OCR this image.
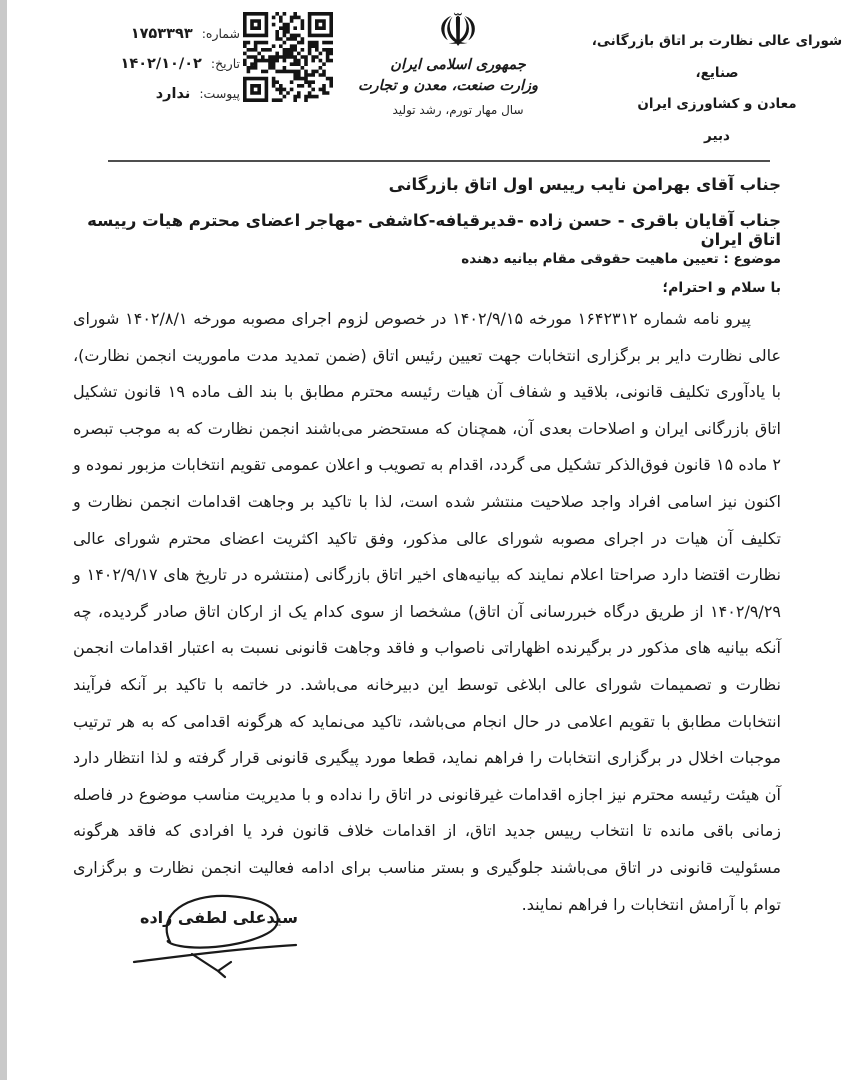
شورای عالی نظارت بر اتاق بازرگانی، صنایع،
معادن و کشاورزی ایران
دبیر
☫
جمهوری اسلامی ایران
وزارت صنعت، معدن و تجارت
سال مهار تورم، رشد تولید
شماره:
۱۷۵۳۳۹۳
تاریخ:
۱۴۰۲/۱۰/۰۲
پیوست:
ندارد
جناب آقای بهرامن نایب رییس اول اتاق بازرگانی
جناب آقایان باقری - حسن زاده -قدیرقیافه-کاشفی -مهاجر اعضای محترم هیات رییسه اتاق ایران
موضوع : تعیین ماهیت حقوقی مقام بیانیه دهنده
با سلام و احترام؛
پیرو نامه شماره ۱۶۴۲۳۱۲ مورخه ۱۴۰۲/۹/۱۵ در خصوص لزوم اجرای مصوبه مورخه ۱۴۰۲/۸/۱ شورای عالی نظارت دایر بر برگزاری انتخابات جهت تعیین رئیس اتاق (ضمن تمدید مدت ماموریت انجمن نظارت)، با یادآوری تکلیف قانونی، بلاقید و شفاف آن هیات رئیسه محترم مطابق با بند الف ماده ۱۹ قانون تشکیل اتاق بازرگانی ایران و اصلاحات بعدی آن، همچنان که مستحضر می‌باشند انجمن نظارت که به موجب تبصره ۲ ماده ۱۵ قانون فوق‌الذکر تشکیل می گردد، اقدام به تصویب و اعلان عمومی تقویم انتخابات مزبور نموده و اکنون نیز اسامی افراد واجد صلاحیت منتشر شده است، لذا با تاکید بر وجاهت اقدامات انجمن نظارت و تکلیف آن هیات در اجرای مصوبه شورای عالی مذکور، وفق تاکید اکثریت اعضای محترم شورای عالی نظارت اقتضا دارد صراحتا اعلام نمایند که بیانیه‌های اخیر اتاق بازرگانی (منتشره در تاریخ های ۱۴۰۲/۹/۱۷ و ۱۴۰۲/۹/۲۹ از طریق درگاه خبررسانی آن اتاق) مشخصا از سوی کدام یک از ارکان اتاق صادر گردیده، چه آنکه بیانیه های مذکور در برگیرنده اظهاراتی ناصواب و فاقد وجاهت قانونی نسبت به اعتبار اقدامات انجمن نظارت و تصمیمات شورای عالی ابلاغی توسط این دبیرخانه می‌باشد. در خاتمه با تاکید بر آنکه فرآیند انتخابات مطابق با تقویم اعلامی در حال انجام می‌باشد، تاکید می‌نماید که هرگونه اقدامی که به هر ترتیب موجبات اخلال در برگزاری انتخابات را فراهم نماید، قطعا مورد پیگیری قانونی قرار گرفته و لذا انتظار دارد آن هیئت رئیسه محترم نیز اجازه اقدامات غیرقانونی در اتاق را نداده و با مدیریت مناسب موضوع در فاصله زمانی باقی مانده تا انتخاب رییس جدید اتاق، از اقدامات خلاف قانون فرد یا افرادی که فاقد هرگونه مسئولیت قانونی در اتاق می‌باشند جلوگیری و بستر مناسب برای ادامه فعالیت انجمن نظارت و برگزاری توام با آرامش انتخابات را فراهم نمایند.
سیدعلی لطفی زاده
